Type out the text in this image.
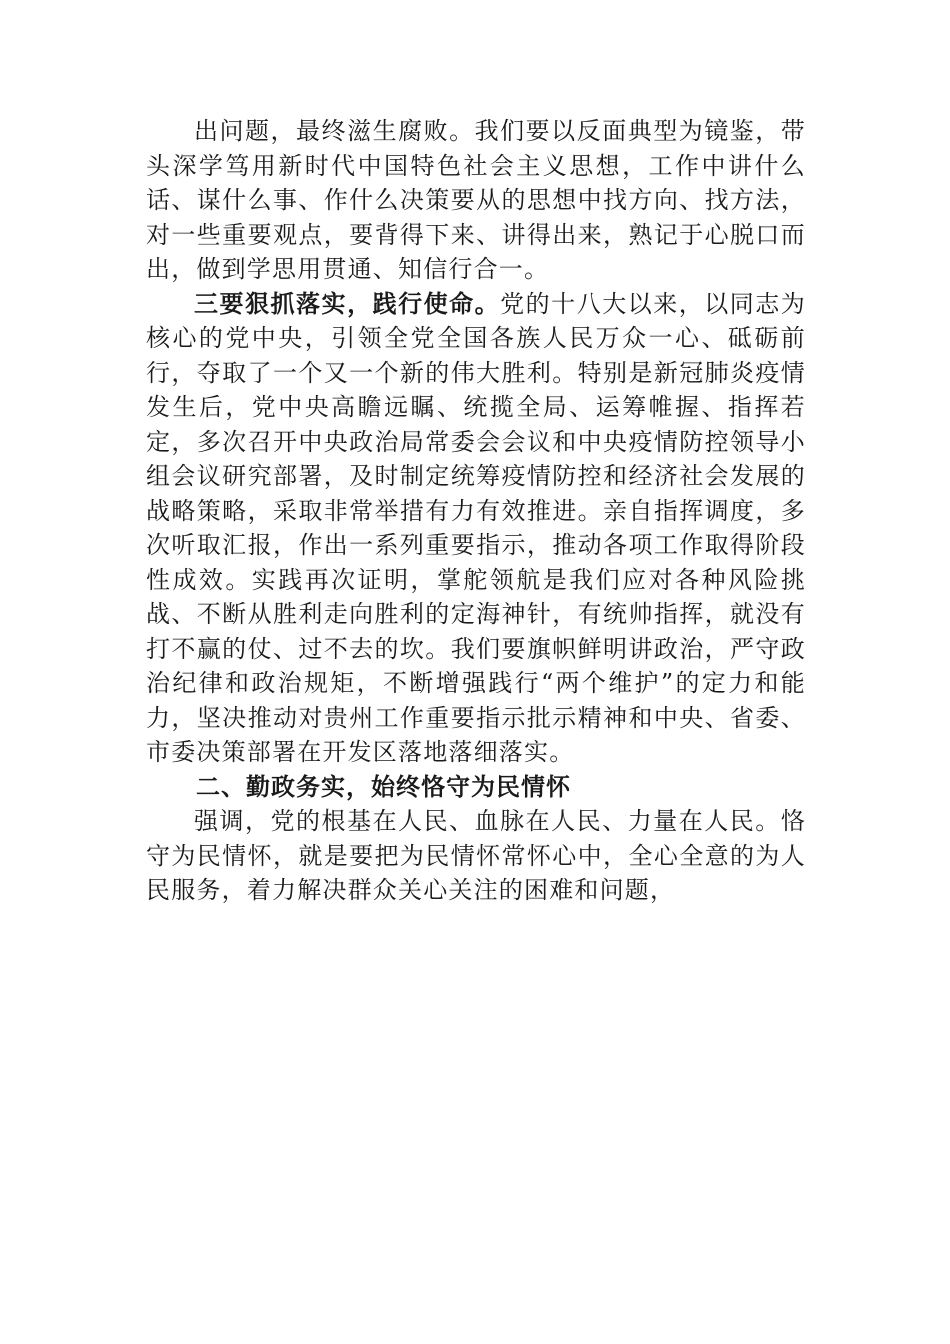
出问题，最终滋生腐败。我们要以反面典型为镜鉴，带头深学笃用新时代中国特色社会主义思想，工作中讲什么话、谋什么事、作什么决策要从的思想中找方向、找方法，对一些重要观点，要背得下来、讲得出来，熟记于心脱口而出，做到学思用贯通、知信行合一。

三要狠抓落实，践行使命。党的十八大以来，以同志为核心的党中央，引领全党全国各族人民万众一心、砥砺前行，夺取了一个又一个新的伟大胜利。特别是新冠肺炎疫情发生后，党中央高瞻远瞩、统揽全局、运筹帷握、指挥若定，多次召开中央政治局常委会会议和中央疫情防控领导小组会议研究部署，及时制定统筹疫情防控和经济社会发展的战略策略，采取非常举措有力有效推进。亲自指挥调度，多次听取汇报，作出一系列重要指示，推动各项工作取得阶段性成效。实践再次证明，掌舵领航是我们应对各种风险挑战、不断从胜利走向胜利的定海神针，有统帅指挥，就没有打不赢的仗、过不去的坎。我们要旗帜鲜明讲政治，严守政治纪律和政治规矩，不断增强践行“两个维护”的定力和能力，坚决推动对贵州工作重要指示批示精神和中央、省委、市委决策部署在开发区落地落细落实。

二、勤政务实，始终恪守为民情怀

强调，党的根基在人民、血脉在人民、力量在人民。恪守为民情怀，就是要把为民情怀常怀心中，全心全意的为人民服务，着力解决群众关心关注的困难和问题，
